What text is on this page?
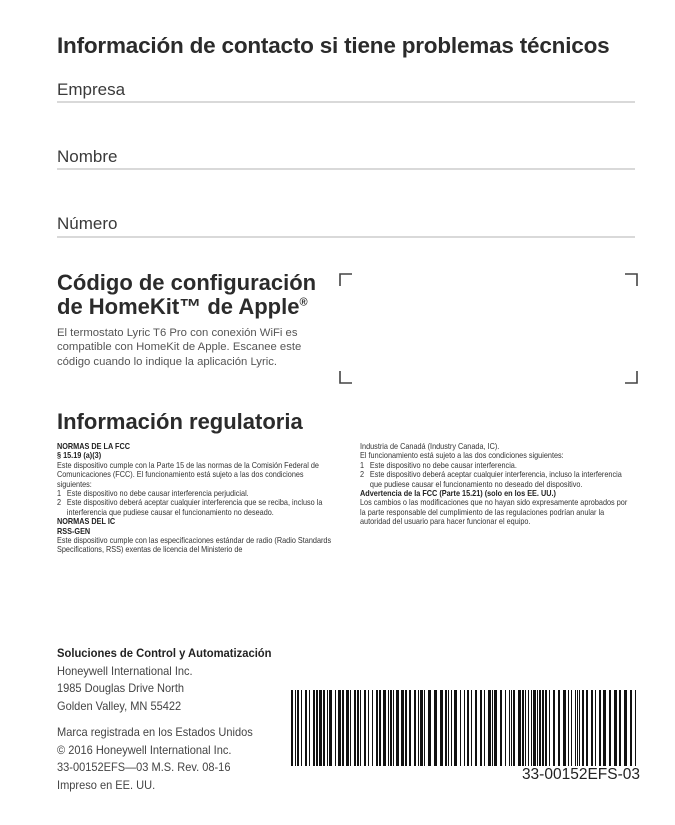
Información de contacto si tiene problemas técnicos
Empresa
Nombre
Número
Código de configuración
de HomeKit™ de Apple®
El termostato Lyric T6 Pro con conexión WiFi es compatible con HomeKit de Apple. Escanee este código cuando lo indique la aplicación Lyric.
Información regulatoria
NORMAS DE LA FCC
§ 15.19 (a)(3)
Este dispositivo cumple con la Parte 15 de las normas de la Comisión Federal de Comunicaciones (FCC). El funcionamiento está sujeto a las dos condiciones siguientes:
1 Este dispositivo no debe causar interferencia perjudicial.
2 Este dispositivo deberá aceptar cualquier interferencia que se reciba, incluso la interferencia que pudiese causar el funcionamiento no deseado.
NORMAS DEL IC
RSS-GEN
Este dispositivo cumple con las especificaciones estándar de radio (Radio Standards Specifications, RSS) exentas de licencia del Ministerio de
Industria de Canadá (Industry Canada, IC).
El funcionamiento está sujeto a las dos condiciones siguientes:
1 Este dispositivo no debe causar interferencia.
2 Este dispositivo deberá aceptar cualquier interferencia, incluso la interferencia que pudiese causar el funcionamiento no deseado del dispositivo.
Advertencia de la FCC (Parte 15.21) (solo en los EE. UU.)
Los cambios o las modificaciones que no hayan sido expresamente aprobados por la parte responsable del cumplimiento de las regulaciones podrían anular la autoridad del usuario para hacer funcionar el equipo.
Soluciones de Control y Automatización
Honeywell International Inc.
1985 Douglas Drive North
Golden Valley, MN 55422
Marca registrada en los Estados Unidos
© 2016 Honeywell International Inc.
33-00152EFS—03 M.S. Rev. 08-16
Impreso en EE. UU.
33-00152EFS-03
